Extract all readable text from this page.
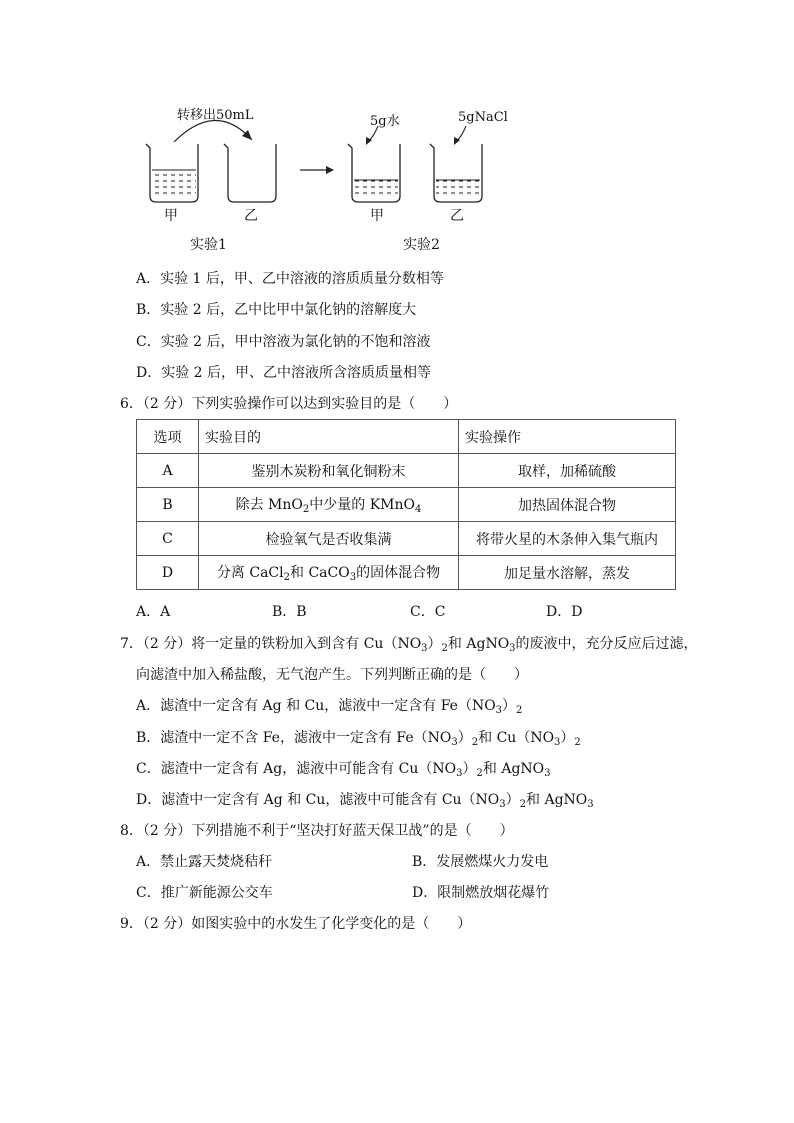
转移出50mL	5g水	5gNaCl
甲	乙	甲	乙
实验1	实验2
A．实验 1 后，甲、乙中溶液的溶质质量分数相等
B．实验 2 后，乙中比甲中氯化钠的溶解度大
C．实验 2 后，甲中溶液为氯化钠的不饱和溶液
D．实验 2 后，甲、乙中溶液所含溶质质量相等
6．（2 分）下列实验操作可以达到实验目的是（　　）
选项	实验目的	实验操作
A	鉴别木炭粉和氧化铜粉末	取样，加稀硫酸
B	除去 MnO$_2$中少量的 KMnO$_4$	加热固体混合物
C	检验氧气是否收集满	将带火星的木条伸入集气瓶内
D	分离 CaCl$_2$和 CaCO$_3$的固体混合物	加足量水溶解，蒸发
A．A	B．B	C．C	D．D
7．（2 分）将一定量的铁粉加入到含有 $Cu(NO_3)_2$和 AgNO$_3$的废液中，充分反应后过滤，
向滤渣中加入稀盐酸，无气泡产生。下列判断正确的是（　　）
A．滤渣中一定含有 Ag 和 Cu，滤液中一定含有 $Fe(NO_3)_2$
B．滤渣中一定不含 Fe，滤液中一定含有 $Fe(NO_3)_2$和 $Cu(NO_3)_2$
C．滤渣中一定含有 Ag，滤液中可能含有 $Cu(NO_3)_2$和 AgNO$_3$
D．滤渣中一定含有 Ag 和 Cu，滤液中可能含有 $Cu(NO_3)_2$和 AgNO$_3$
8．（2 分）下列措施不利于“坚决打好蓝天保卫战”的是（　　）
A．禁止露天焚烧秸秆	B．发展燃煤火力发电
C．推广新能源公交车	D．限制燃放烟花爆竹
9．（2 分）如图实验中的水发生了化学变化的是（　　）
